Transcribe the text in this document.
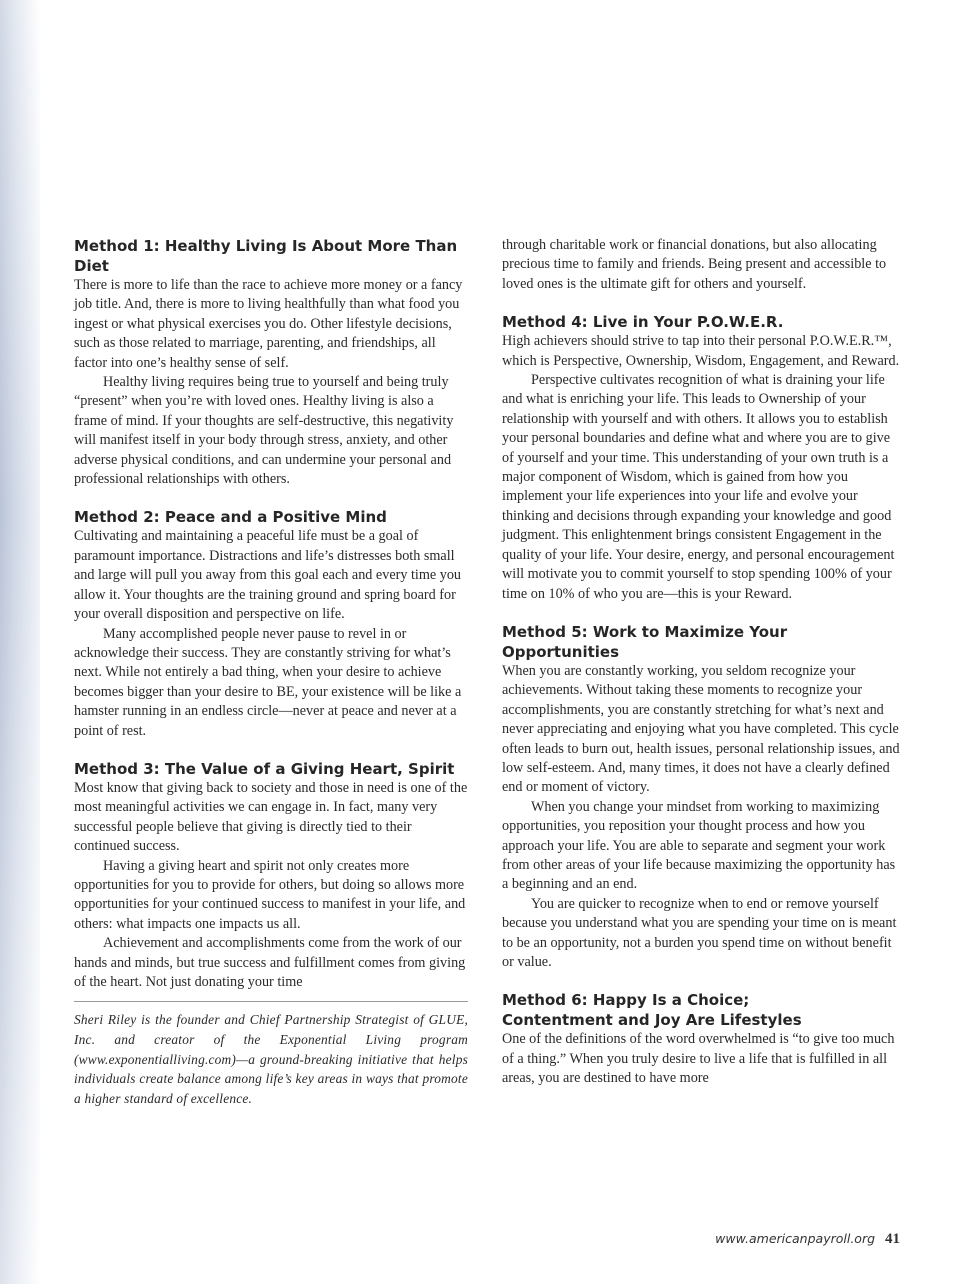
Method 1: Healthy Living Is About More Than Diet

There is more to life than the race to achieve more money or a fancy job title. And, there is more to living healthfully than what food you ingest or what physical exercises you do. Other lifestyle decisions, such as those related to marriage, parenting, and friendships, all factor into one’s healthy sense of self.

Healthy living requires being true to yourself and being truly “present” when you’re with loved ones. Healthy living is also a frame of mind. If your thoughts are self-destructive, this negativity will manifest itself in your body through stress, anxiety, and other adverse physical conditions, and can undermine your personal and professional relationships with others.

Method 2: Peace and a Positive Mind

Cultivating and maintaining a peaceful life must be a goal of paramount importance. Distractions and life’s distresses both small and large will pull you away from this goal each and every time you allow it. Your thoughts are the training ground and spring board for your overall disposition and perspective on life.

Many accomplished people never pause to revel in or acknowledge their success. They are constantly striving for what’s next. While not entirely a bad thing, when your desire to achieve becomes bigger than your desire to BE, your existence will be like a hamster running in an endless circle—never at peace and never at a point of rest.

Method 3: The Value of a Giving Heart, Spirit

Most know that giving back to society and those in need is one of the most meaningful activities we can engage in. In fact, many very successful people believe that giving is directly tied to their continued success.

Having a giving heart and spirit not only creates more opportunities for you to provide for others, but doing so allows more opportunities for your continued success to manifest in your life, and others: what impacts one impacts us all.

Achievement and accomplishments come from the work of our hands and minds, but true success and fulfillment comes from giving of the heart. Not just donating your time

Sheri Riley is the founder and Chief Partnership Strategist of GLUE, Inc. and creator of the Exponential Living program (www.exponentialliving.com)—a ground-breaking initiative that helps individuals create balance among life’s key areas in ways that promote a higher standard of excellence.

through charitable work or financial donations, but also allocating precious time to family and friends. Being present and accessible to loved ones is the ultimate gift for others and yourself.

Method 4: Live in Your P.O.W.E.R.

High achievers should strive to tap into their personal P.O.W.E.R.™, which is Perspective, Ownership, Wisdom, Engagement, and Reward.

Perspective cultivates recognition of what is draining your life and what is enriching your life. This leads to Ownership of your relationship with yourself and with others. It allows you to establish your personal boundaries and define what and where you are to give of yourself and your time. This understanding of your own truth is a major component of Wisdom, which is gained from how you implement your life experiences into your life and evolve your thinking and decisions through expanding your knowledge and good judgment. This enlightenment brings consistent Engagement in the quality of your life. Your desire, energy, and personal encouragement will motivate you to commit yourself to stop spending 100% of your time on 10% of who you are—this is your Reward.

Method 5: Work to Maximize Your Opportunities

When you are constantly working, you seldom recognize your achievements. Without taking these moments to recognize your accomplishments, you are constantly stretching for what’s next and never appreciating and enjoying what you have completed. This cycle often leads to burn out, health issues, personal relationship issues, and low self-esteem. And, many times, it does not have a clearly defined end or moment of victory.

When you change your mindset from working to maximizing opportunities, you reposition your thought process and how you approach your life. You are able to separate and segment your work from other areas of your life because maximizing the opportunity has a beginning and an end.

You are quicker to recognize when to end or remove yourself because you understand what you are spending your time on is meant to be an opportunity, not a burden you spend time on without benefit or value.

Method 6: Happy Is a Choice;
Contentment and Joy Are Lifestyles

One of the definitions of the word overwhelmed is “to give too much of a thing.” When you truly desire to live a life that is fulfilled in all areas, you are destined to have more

www.americanpayroll.org 41
